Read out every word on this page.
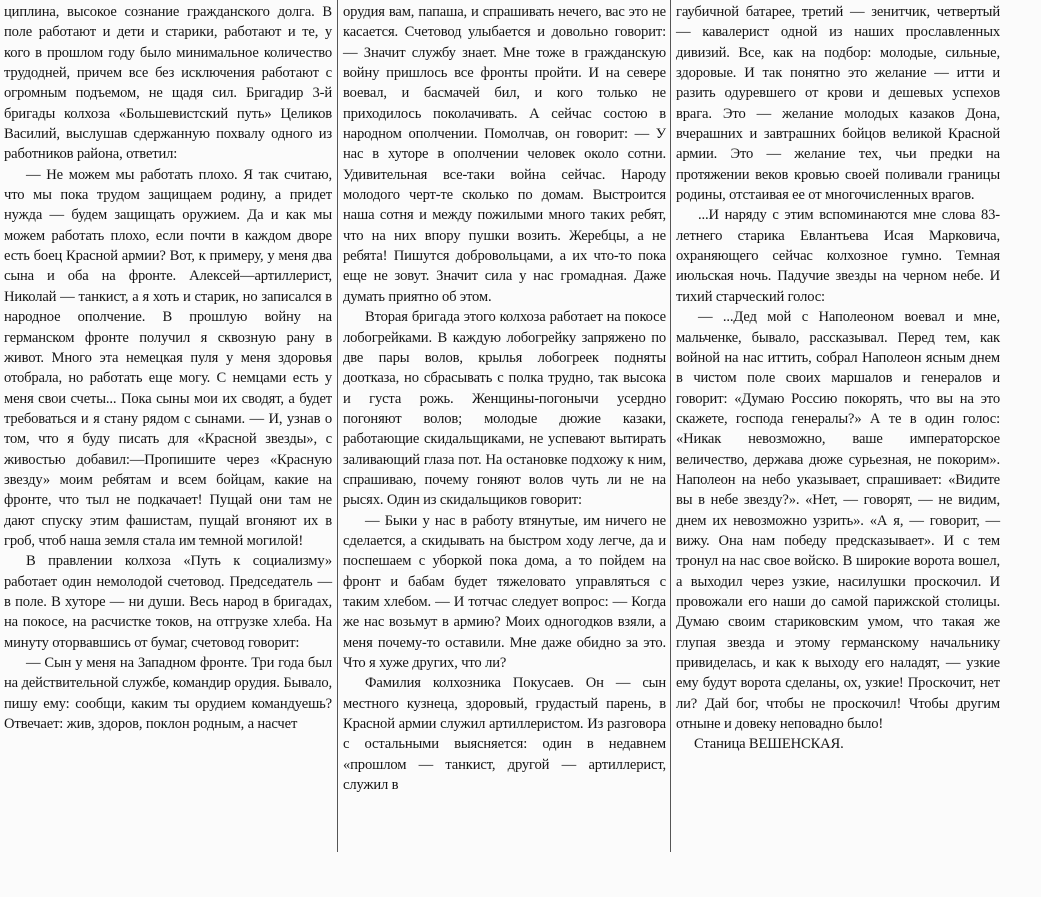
циплина, высокое сознание гражданского долга. В поле работают и дети и старики, работают и те, у кого в прошлом году было минимальное количество трудодней, причем все без исключения работают с огромным подъемом, не щадя сил. Бригадир 3-й бригады колхоза «Большевистский путь» Целиков Василий, выслушав сдержанную похвалу одного из работников района, ответил:

— Не можем мы работать плохо. Я так считаю, что мы пока трудом защищаем родину, а придет нужда — будем защищать оружием. Да и как мы можем работать плохо, если почти в каждом дворе есть боец Красной армии? Вот, к примеру, у меня два сына и оба на фронте. Алексей—артиллерист, Николай — танкист, а я хоть и старик, но записался в народное ополчение. В прошлую войну на германском фронте получил я сквозную рану в живот. Много эта немецкая пуля у меня здоровья отобрала, но работать еще могу. С немцами есть у меня свои счеты... Пока сыны мои их сводят, а будет требоваться и я стану рядом с сынами. — И, узнав о том, что я буду писать для «Красной звезды», с живостью добавил:—Пропишите через «Красную звезду» моим ребятам и всем бойцам, какие на фронте, что тыл не подкачает! Пущай они там не дают спуску этим фашистам, пущай вгоняют их в гроб, чтоб наша земля стала им темной могилой!

В правлении колхоза «Путь к социализму» работает один немолодой счетовод. Председатель — в поле. В хуторе — ни души. Весь народ в бригадах, на покосе, на расчистке токов, на отгрузке хлеба. На минуту оторвавшись от бумаг, счетовод говорит:

— Сын у меня на Западном фронте. Три года был на действительной службе, командир орудия. Бывало, пишу ему: сообщи, каким ты орудием командуешь? Отвечает: жив, здоров, поклон родным, а насчет

орудия вам, папаша, и спрашивать нечего, вас это не касается. Счетовод улыбается и довольно говорит: — Значит службу знает. Мне тоже в гражданскую войну пришлось все фронты пройти. И на севере воевал, и басмачей бил, и кого только не приходилось поколачивать. А сейчас состою в народном ополчении. Помолчав, он говорит: — У нас в хуторе в ополчении человек около сотни. Удивительная все-таки война сейчас. Народу молодого черт-те сколько по домам. Выстроится наша сотня и между пожилыми много таких ребят, что на них впору пушки возить. Жеребцы, а не ребята! Пишутся добровольцами, а их что-то пока еще не зовут. Значит сила у нас громадная. Даже думать приятно об этом.

Вторая бригада этого колхоза работает на покосе лобогрейками. В каждую лобогрейку запряжено по две пары волов, крылья лобогреек подняты доотказа, но сбрасывать с полка трудно, так высока и густа рожь. Женщины-погонычи усердно погоняют волов; молодые дюжие казаки, работающие скидальщиками, не успевают вытирать заливающий глаза пот. На остановке подхожу к ним, спрашиваю, почему гоняют волов чуть ли не на рысях. Один из скидальщиков говорит:

— Быки у нас в работу втянутые, им ничего не сделается, а скидывать на быстром ходу легче, да и поспешаем с уборкой пока дома, а то пойдем на фронт и бабам будет тяжеловато управляться с таким хлебом. — И тотчас следует вопрос: — Когда же нас возьмут в армию? Моих одногодков взяли, а меня почему-то оставили. Мне даже обидно за это. Что я хуже других, что ли?

Фамилия колхозника Покусаев. Он — сын местного кузнеца, здоровый, грудастый парень, в Красной армии служил артиллеристом. Из разговора с остальными выясняется: один в недавнем «прошлом — танкист, другой — артиллерист, служил в

гаубичной батарее, третий — зенитчик, четвертый — кавалерист одной из наших прославленных дивизий. Все, как на подбор: молодые, сильные, здоровые. И так понятно это желание — итти и разить одуревшего от крови и дешевых успехов врага. Это — желание молодых казаков Дона, вчерашних и завтрашних бойцов великой Красной армии. Это — желание тех, чьи предки на протяжении веков кровью своей поливали границы родины, отстаивая ее от многочисленных врагов.

...И наряду с этим вспоминаются мне слова 83-летнего старика Евлантьева Исая Марковича, охраняющего сейчас колхозное гумно. Темная июльская ночь. Падучие звезды на черном небе. И тихий старческий голос:

— ...Дед мой с Наполеоном воевал и мне, мальченке, бывало, рассказывал. Перед тем, как войной на нас иттить, собрал Наполеон ясным днем в чистом поле своих маршалов и генералов и говорит: «Думаю Россию покорять, что вы на это скажете, господа генералы?» А те в один голос: «Никак невозможно, ваше императорское величество, держава дюже сурьезная, не покорим». Наполеон на небо указывает, спрашивает: «Видите вы в небе звезду?». «Нет, — говорят, — не видим, днем их невозможно узрить». «А я, — говорит, — вижу. Она нам победу предсказывает». И с тем тронул на нас свое войско. В широкие ворота вошел, а выходил через узкие, насилушки проскочил. И провожали его наши до самой парижской столицы. Думаю своим стариковским умом, что такая же глупая звезда и этому германскому начальнику привиделась, и как к выходу его наладят, — узкие ему будут ворота сделаны, ох, узкие! Проскочит, нет ли? Дай бог, чтобы не проскочил! Чтобы другим отныне и довеку неповадно было!

Станица ВЕШЕНСКАЯ.
